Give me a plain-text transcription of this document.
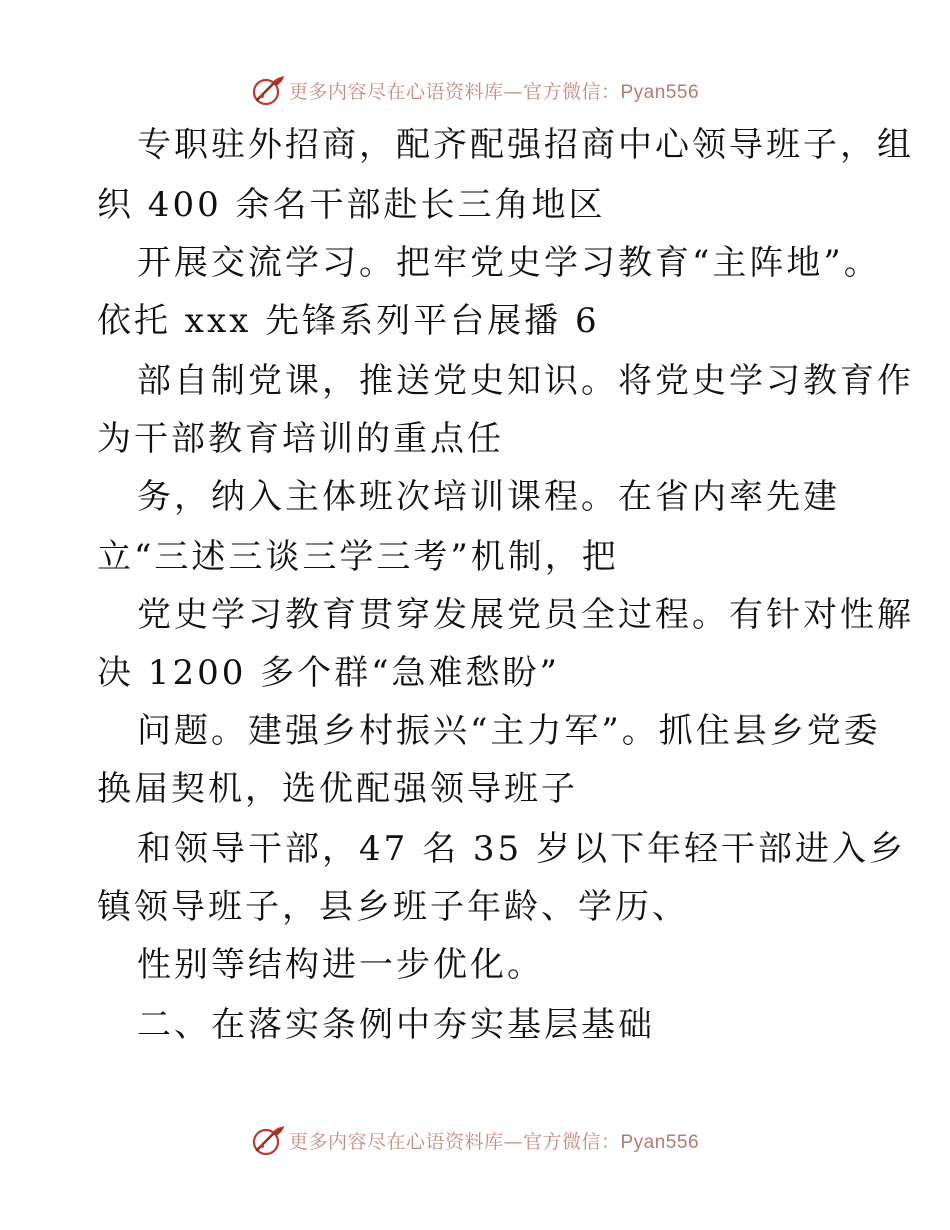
更多内容尽在心语资料库—官方微信：Pyan556
专职驻外招商，配齐配强招商中心领导班子，组
织 400 余名干部赴长三角地区
开展交流学习。把牢党史学习教育“主阵地”。
依托 xxx 先锋系列平台展播 6
部自制党课，推送党史知识。将党史学习教育作
为干部教育培训的重点任
务，纳入主体班次培训课程。在省内率先建
立“三述三谈三学三考”机制，把
党史学习教育贯穿发展党员全过程。有针对性解
决 1200 多个群“急难愁盼”
问题。建强乡村振兴“主力军”。抓住县乡党委
换届契机，选优配强领导班子
和领导干部，47 名 35 岁以下年轻干部进入乡
镇领导班子，县乡班子年龄、学历、
性别等结构进一步优化。
二、在落实条例中夯实基层基础
更多内容尽在心语资料库—官方微信：Pyan556
